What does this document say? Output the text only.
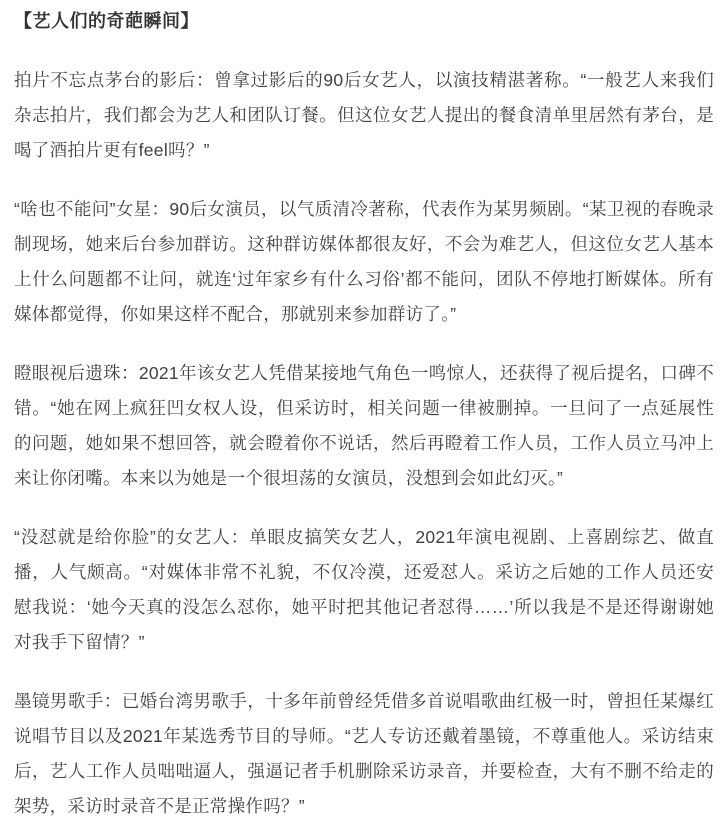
【艺人们的奇葩瞬间】

拍片不忘点茅台的影后：曾拿过影后的90后女艺人，以演技精湛著称。“一般艺人来我们杂志拍片，我们都会为艺人和团队订餐。但这位女艺人提出的餐食清单里居然有茅台，是喝了酒拍片更有feel吗？”

“啥也不能问”女星：90后女演员，以气质清冷著称，代表作为某男频剧。“某卫视的春晚录制现场，她来后台参加群访。这种群访媒体都很友好，不会为难艺人，但这位女艺人基本上什么问题都不让问，就连‘过年家乡有什么习俗’都不能问，团队不停地打断媒体。所有媒体都觉得，你如果这样不配合，那就别来参加群访了。”

瞪眼视后遗珠：2021年该女艺人凭借某接地气角色一鸣惊人，还获得了视后提名，口碑不错。“她在网上疯狂凹女权人设，但采访时，相关问题一律被删掉。一旦问了一点延展性的问题，她如果不想回答，就会瞪着你不说话，然后再瞪着工作人员，工作人员立马冲上来让你闭嘴。本来以为她是一个很坦荡的女演员，没想到会如此幻灭。”

“没怼就是给你脸”的女艺人：单眼皮搞笑女艺人，2021年演电视剧、上喜剧综艺、做直播，人气颇高。“对媒体非常不礼貌，不仅冷漠，还爱怼人。采访之后她的工作人员还安慰我说：‘她今天真的没怎么怼你，她平时把其他记者怼得……’所以我是不是还得谢谢她对我手下留情？”

墨镜男歌手：已婚台湾男歌手，十多年前曾经凭借多首说唱歌曲红极一时，曾担任某爆红说唱节目以及2021年某选秀节目的导师。“艺人专访还戴着墨镜，不尊重他人。采访结束后，艺人工作人员咄咄逼人，强逼记者手机删除采访录音，并要检查，大有不删不给走的架势，采访时录音不是正常操作吗？”
